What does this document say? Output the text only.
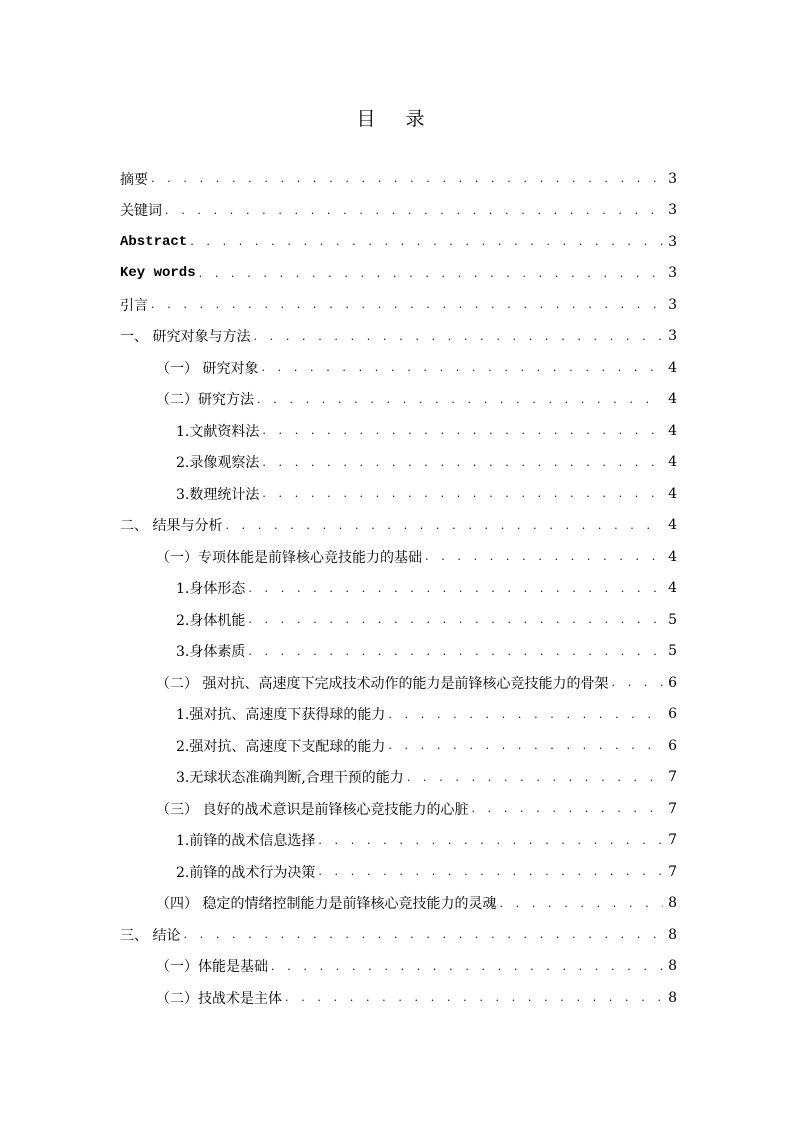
目 录
摘要 . . .	3
关键词 . . .	3
Abstract . . .	3
Key words . . .	3
引言 . . .	3
一、 研究对象与方法 . . .	3
（一） 研究对象 . . .	4
（二）研究方法 . . .	4
1.文献资料法 . . .	4
2.录像观察法 . . .	4
3.数理统计法 . . .	4
二、 结果与分析 . . .	4
（一）专项体能是前锋核心竞技能力的基础 . . .	4
1.身体形态 . . .	4
2.身体机能 . . .	5
3.身体素质 . . .	5
（二） 强对抗、高速度下完成技术动作的能力是前锋核心竞技能力的骨架 . . .	6
1.强对抗、高速度下获得球的能力 . . .	6
2.强对抗、高速度下支配球的能力 . . .	6
3.无球状态准确判断,合理干预的能力 . . .	7
（三） 良好的战术意识是前锋核心竞技能力的心脏 . . .	7
1.前锋的战术信息选择 . . .	7
2.前锋的战术行为决策 . . .	7
（四） 稳定的情绪控制能力是前锋核心竞技能力的灵魂 . . .	8
三、 结论 . . .	8
（一）体能是基础 . . .	8
（二）技战术是主体 . . .	8
